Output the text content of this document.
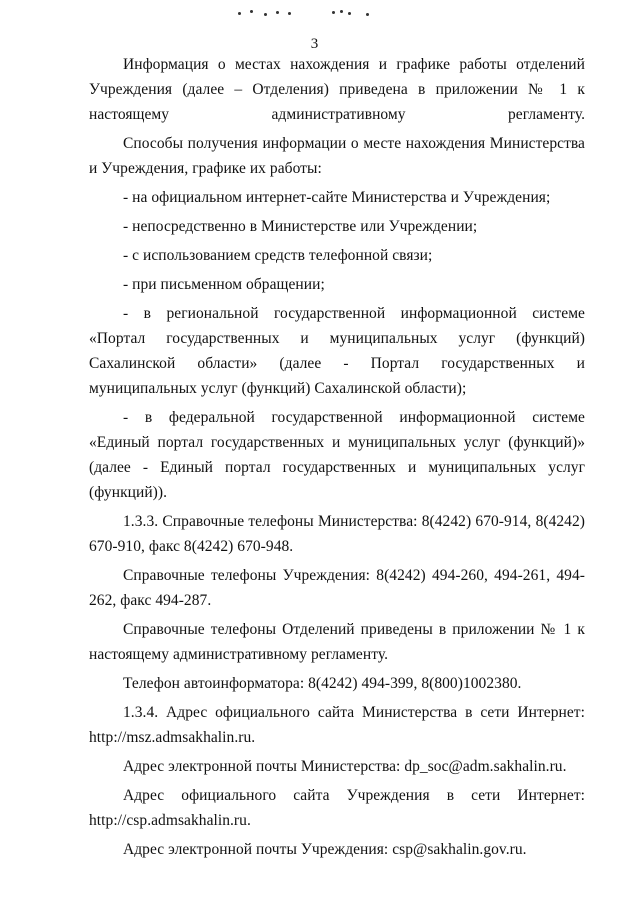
3

Информация о местах нахождения и графике работы отделений Учреждения (далее – Отделения) приведена в приложении № 1 к настоящему административному регламенту.

Способы получения информации о месте нахождения Министерства и Учреждения, графике их работы:

- на официальном интернет-сайте Министерства и Учреждения;

- непосредственно в Министерстве или Учреждении;

- с использованием средств телефонной связи;

- при письменном обращении;

- в региональной государственной информационной системе «Портал государственных и муниципальных услуг (функций) Сахалинской области» (далее - Портал государственных и муниципальных услуг (функций) Сахалинской области);

- в федеральной государственной информационной системе «Единый портал государственных и муниципальных услуг (функций)» (далее - Единый портал государственных и муниципальных услуг (функций)).

1.3.3. Справочные телефоны Министерства: 8(4242) 670-914, 8(4242) 670-910, факс 8(4242) 670-948.

Справочные телефоны Учреждения: 8(4242) 494-260, 494-261, 494-262, факс 494-287.

Справочные телефоны Отделений приведены в приложении № 1 к настоящему административному регламенту.

Телефон автоинформатора: 8(4242) 494-399, 8(800)1002380.

1.3.4. Адрес официального сайта Министерства в сети Интернет: http://msz.admsakhalin.ru.

Адрес электронной почты Министерства: dp_soc@adm.sakhalin.ru.

Адрес официального сайта Учреждения в сети Интернет: http://csp.admsakhalin.ru.

Адрес электронной почты Учреждения: csp@sakhalin.gov.ru.
